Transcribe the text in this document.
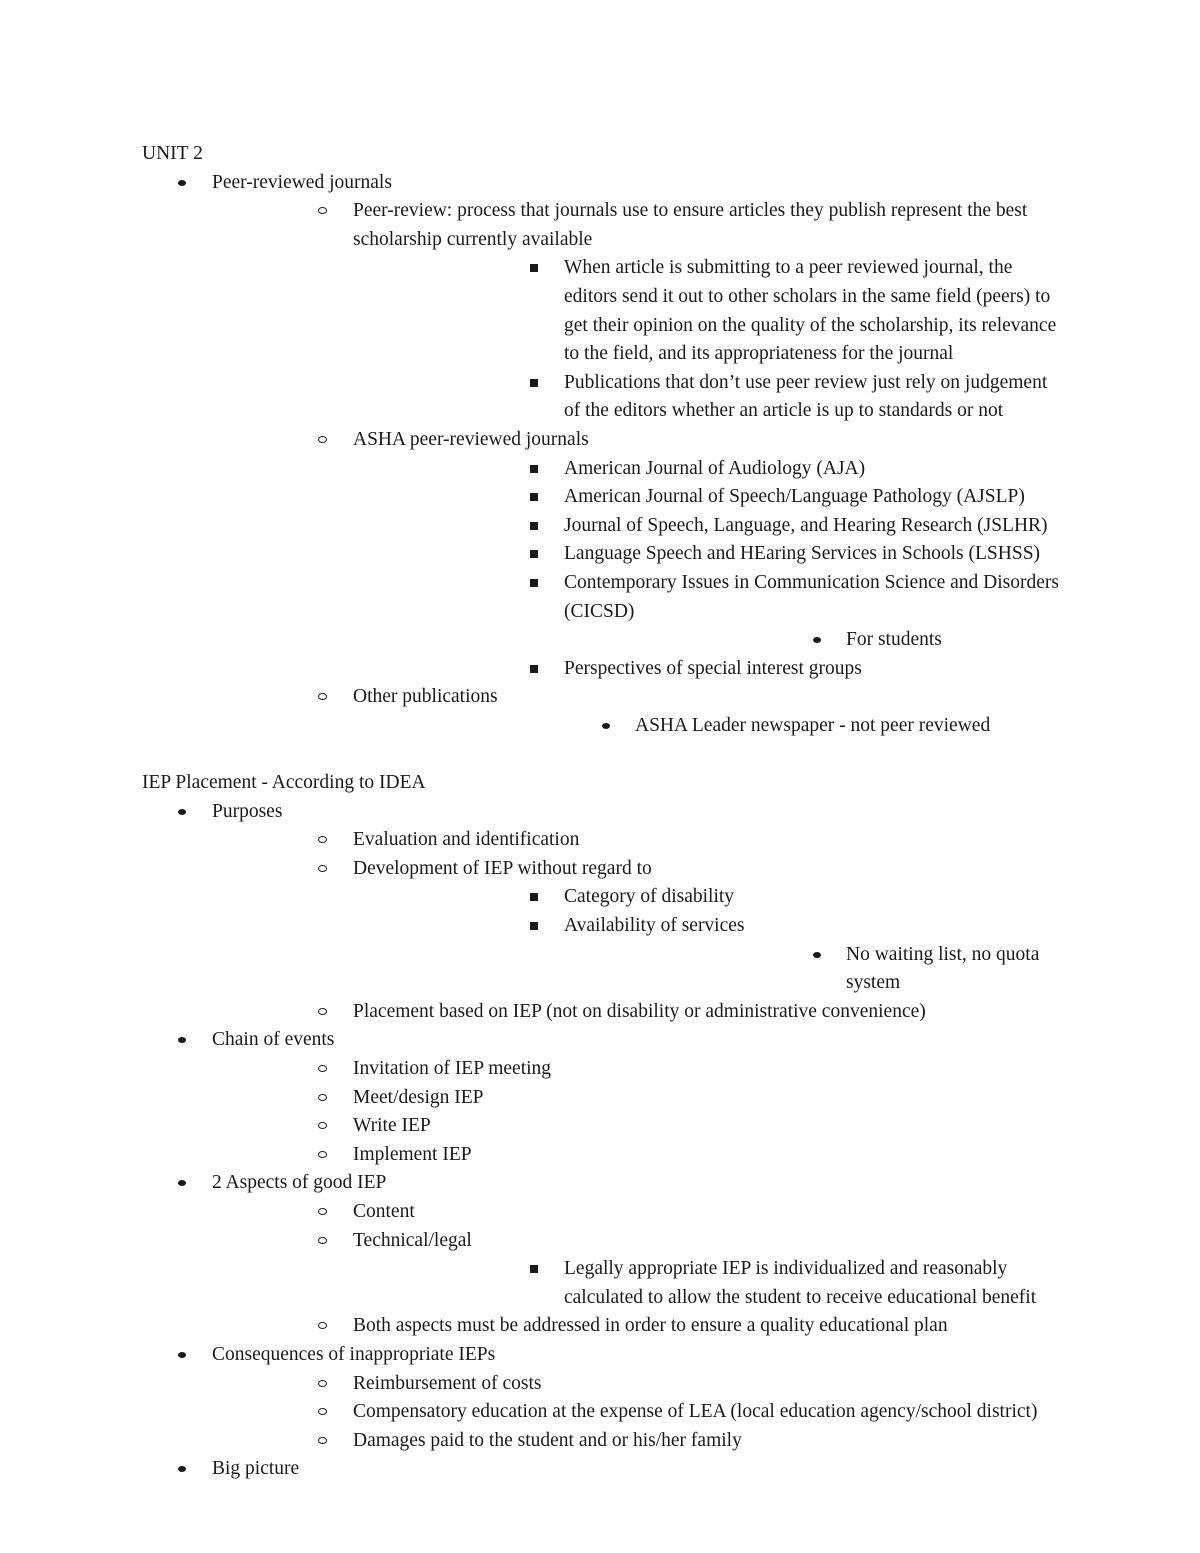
UNIT 2
Peer-reviewed journals
Peer-review: process that journals use to ensure articles they publish represent the best scholarship currently available
When article is submitting to a peer reviewed journal, the editors send it out to other scholars in the same field (peers) to get their opinion on the quality of the scholarship, its relevance to the field, and its appropriateness for the journal
Publications that don’t use peer review just rely on judgement of the editors whether an article is up to standards or not
ASHA peer-reviewed journals
American Journal of Audiology (AJA)
American Journal of Speech/Language Pathology (AJSLP)
Journal of Speech, Language, and Hearing Research (JSLHR)
Language Speech and HEaring Services in Schools (LSHSS)
Contemporary Issues in Communication Science and Disorders (CICSD)
For students
Perspectives of special interest groups
Other publications
ASHA Leader newspaper - not peer reviewed
IEP Placement - According to IDEA
Purposes
Evaluation and identification
Development of IEP without regard to
Category of disability
Availability of services
No waiting list, no quota system
Placement based on IEP (not on disability or administrative convenience)
Chain of events
Invitation of IEP meeting
Meet/design IEP
Write IEP
Implement IEP
2 Aspects of good IEP
Content
Technical/legal
Legally appropriate IEP is individualized and reasonably calculated to allow the student to receive educational benefit
Both aspects must be addressed in order to ensure a quality educational plan
Consequences of inappropriate IEPs
Reimbursement of costs
Compensatory education at the expense of LEA (local education agency/school district)
Damages paid to the student and or his/her family
Big picture
